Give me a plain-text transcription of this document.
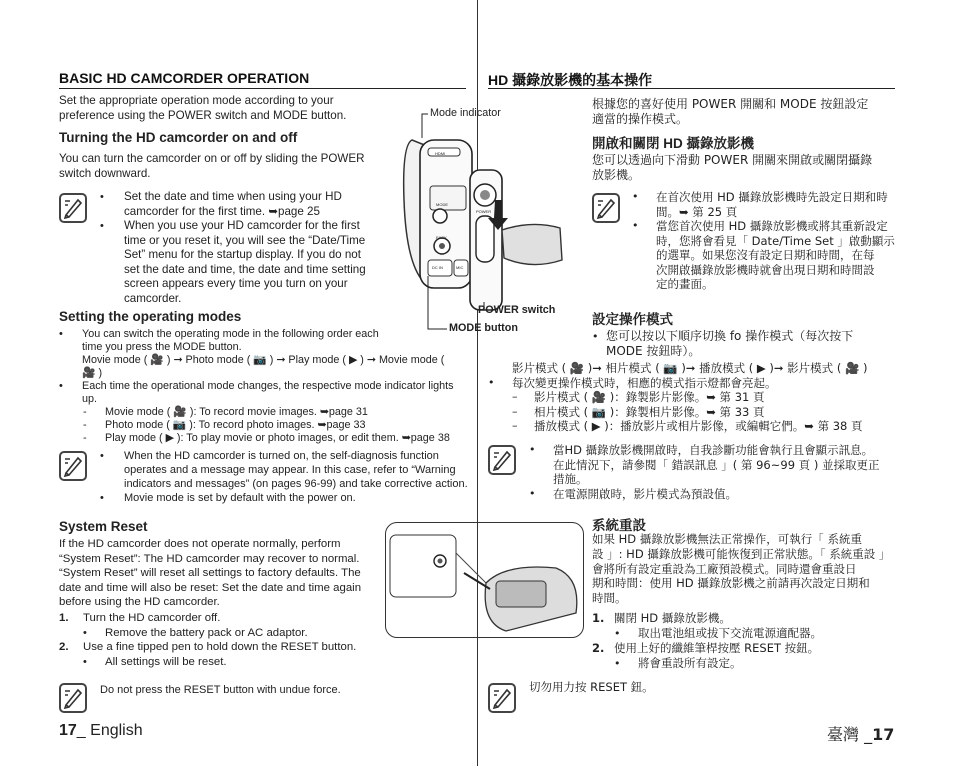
BASIC HD CAMCORDER OPERATION
Set the appropriate operation mode according to your
preference using the POWER switch and MODE button.
Turning the HD camcorder on and off
You can turn the camcorder on or off by sliding the POWER
switch downward.
• Set the date and time when using your HD
camcorder for the first time. ➥page 25
• When you use your HD camcorder for the first
time or you reset it, you will see the “Date/Time
Set” menu for the startup display. If you do not
set the date and time, the date and time setting
screen appears every time you turn on your
camcorder.
Mode indicator
HDMI
MODE
EASY
POWER
DC IN	MIC
POWER switch
MODE button
Setting the operating modes
• You can switch the operating mode in the following order each
time you press the MODE button.
Movie mode ( 🎥 ) ➞ Photo mode ( 📷 ) ➞ Play mode ( ▶ ) ➞ Movie mode ( 🎥 )
• Each time the operational mode changes, the respective mode indicator lights up.
- Movie mode ( 🎥 ): To record movie images. ➥page 31
- Photo mode ( 📷 ): To record photo images. ➥page 33
- Play mode ( ▶ ): To play movie or photo images, or edit them. ➥page 38
• When the HD camcorder is turned on, the self-diagnosis function
operates and a message may appear. In this case, refer to “Warning
indicators and messages” (on pages 96-99) and take corrective action.
• Movie mode is set by default with the power on.
System Reset
If the HD camcorder does not operate normally, perform
“System Reset”: The HD camcorder may recover to normal.
“System Reset” will reset all settings to factory defaults. The
date and time will also be reset: Set the date and time again
before using the HD camcorder.
1. Turn the HD camcorder off.
• Remove the battery pack or AC adaptor.
2. Use a fine tipped pen to hold down the RESET button.
• All settings will be reset.
Do not press the RESET button with undue force.
17_ English
HD 攝錄放影機的基本操作
根據您的喜好使用 POWER 開關和 MODE 按鈕設定
適當的操作模式。
開啟和關閉 HD 攝錄放影機
您可以透過向下滑動 POWER 開關來開啟或關閉攝錄
放影機。
• 在首次使用 HD 攝錄放影機時先設定日期和時
間。➥ 第 25 頁
• 當您首次使用 HD 攝錄放影機或將其重新設定
時，您將會看見「 Date/Time Set 」啟動顯示
的選單。如果您沒有設定日期和時間，在每
次開啟攝錄放影機時就會出現日期和時間設
定的畫面。
設定操作模式
• 您可以按以下順序切換 fo 操作模式（每次按下
MODE 按鈕時）。
影片模式 ( 🎥 )➞ 相片模式 ( 📷 )➞ 播放模式 ( ▶ )➞ 影片模式 ( 🎥 )
• 每次變更操作模式時，相應的模式指示燈都會亮起。
– 影片模式 ( 🎥 )：錄製影片影像。➥ 第 31 頁
– 相片模式 ( 📷 )：錄製相片影像。➥ 第 33 頁
– 播放模式 ( ▶ )：播放影片或相片影像，或編輯它們。➥ 第 38 頁
• 當HD 攝錄放影機開啟時，自我診斷功能會執行且會顯示訊息。
在此情況下，請參閱「 錯誤訊息 」( 第 96~99 頁 ) 並採取更正
措施。
• 在電源開啟時，影片模式為預設值。
系統重設
如果 HD 攝錄放影機無法正常操作，可執行「 系統重
設 」: HD 攝錄放影機可能恢復到正常狀態。「 系統重設 」
會將所有設定重設為工廠預設模式。同時還會重設日
期和時間：使用 HD 攝錄放影機之前請再次設定日期和
時間。
1. 關閉 HD 攝錄放影機。
• 取出電池組或拔下交流電源適配器。
2. 使用上好的纖維筆桿按壓 RESET 按鈕。
• 將會重設所有設定。
切勿用力按 RESET 鈕。
臺灣 _17
